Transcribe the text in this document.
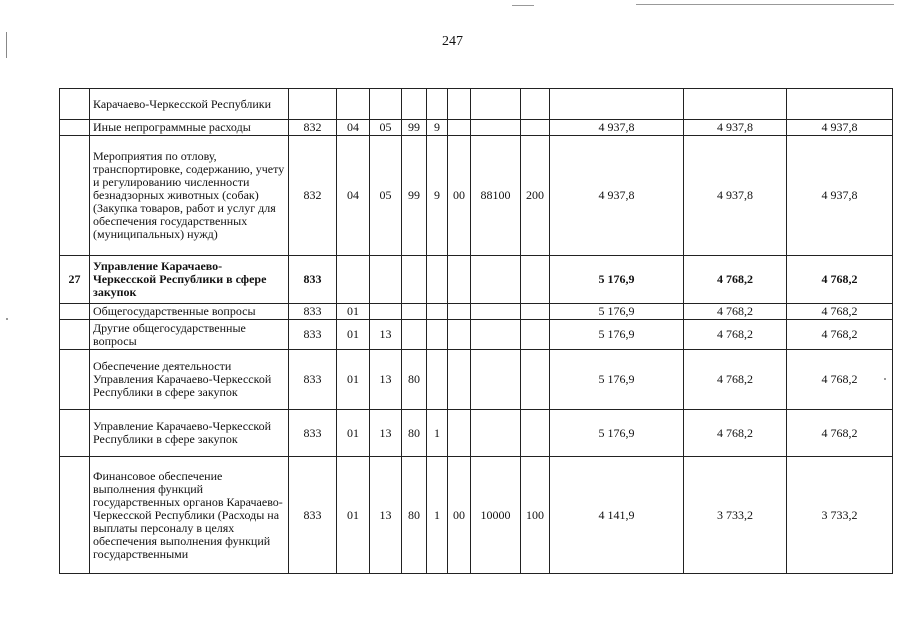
247
	Карачаево-Черкесской Республики											
	Иные непрограммные расходы	832	04	05	99	9				4 937,8	4 937,8	4 937,8
	Мероприятия по отлову, транспортировке, содержанию, учету и регулированию численности безнадзорных животных (собак) (Закупка товаров, работ и услуг для обеспечения государственных (муниципальных) нужд)	832	04	05	99	9	00	88100	200	4 937,8	4 937,8	4 937,8
27	Управление Карачаево-Черкесской Республики в сфере закупок	833								5 176,9	4 768,2	4 768,2
	Общегосударственные вопросы	833	01							5 176,9	4 768,2	4 768,2
	Другие общегосударственные вопросы	833	01	13						5 176,9	4 768,2	4 768,2
	Обеспечение деятельности Управления Карачаево-Черкесской Республики в сфере закупок	833	01	13	80					5 176,9	4 768,2	4 768,2
	Управление Карачаево-Черкесской Республики в сфере закупок	833	01	13	80	1				5 176,9	4 768,2	4 768,2
	Финансовое обеспечение выполнения функций государственных органов Карачаево-Черкесской Республики (Расходы на выплаты персоналу в целях обеспечения выполнения функций государственными	833	01	13	80	1	00	10000	100	4 141,9	3 733,2	3 733,2
